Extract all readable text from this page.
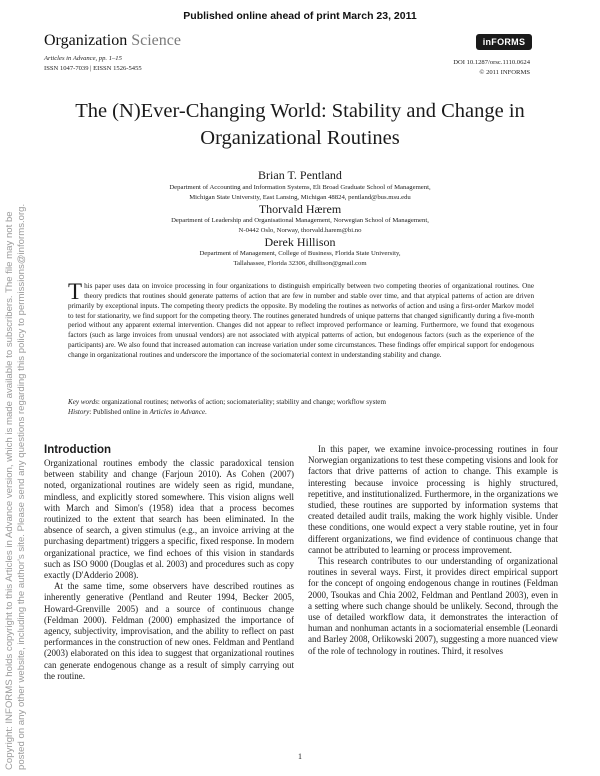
Published online ahead of print March 23, 2011
Copyright: INFORMS holds copyright to this Articles in Advance version, which is made available to subscribers. The file may not be posted on any other website, including the author's site. Please send any questions regarding this policy to permissions@informs.org.
Organization Science
Articles in Advance, pp. 1–15
ISSN 1047-7039 | EISSN 1526-5455
inFORMS
DOI 10.1287/orsc.1110.0624
© 2011 INFORMS
The (N)Ever-Changing World: Stability and Change in
Organizational Routines
Brian T. Pentland
Department of Accounting and Information Systems, Eli Broad Graduate School of Management,
Michigan State University, East Lansing, Michigan 48824, pentland@bus.msu.edu
Thorvald Hærem
Department of Leadership and Organisational Management, Norwegian School of Management,
N-0442 Oslo, Norway, thorvald.harem@bi.no
Derek Hillison
Department of Management, College of Business, Florida State University,
Tallahassee, Florida 32306, dhillison@gmail.com
This paper uses data on invoice processing in four organizations to distinguish empirically between two competing theories of organizational routines. One theory predicts that routines should generate patterns of action that are few in number and stable over time, and that atypical patterns of action are driven primarily by exceptional inputs. The competing theory predicts the opposite. By modeling the routines as networks of action and using a first-order Markov model to test for stationarity, we find support for the competing theory. The routines generated hundreds of unique patterns that changed significantly during a five-month period without any apparent external intervention. Changes did not appear to reflect improved performance or learning. Furthermore, we found that exogenous factors (such as large invoices from unusual vendors) are not associated with atypical patterns of action, but endogenous factors (such as the experience of the participants) are. We also found that increased automation can increase variation under some circumstances. These findings offer empirical support for endogenous change in organizational routines and underscore the importance of the sociomaterial context in understanding stability and change.
Key words: organizational routines; networks of action; sociomateriality; stability and change; workflow system
History: Published online in Articles in Advance.
Introduction

Organizational routines embody the classic paradoxical tension between stability and change (Farjoun 2010). As Cohen (2007) noted, organizational routines are widely seen as rigid, mundane, mindless, and explicitly stored somewhere. This vision aligns well with March and Simon's (1958) idea that a process becomes routinized to the extent that search has been eliminated. In the absence of search, a given stimulus (e.g., an invoice arriving at the purchasing department) triggers a specific, fixed response. In modern organizational practice, we find echoes of this vision in standards such as ISO 9000 (Douglas et al. 2003) and procedures such as copy exactly (D'Adderio 2008).

At the same time, some observers have described routines as inherently generative (Pentland and Reuter 1994, Becker 2005, Howard-Grenville 2005) and a source of continuous change (Feldman 2000). Feldman (2000) emphasized the importance of agency, subjectivity, improvisation, and the ability to reflect on past performances in the construction of new ones. Feldman and Pentland (2003) elaborated on this idea to suggest that organizational routines can generate endogenous change as a result of simply carrying out the routine.

In this paper, we examine invoice-processing routines in four Norwegian organizations to test these competing visions and look for factors that drive patterns of action to change. This example is interesting because invoice processing is highly structured, repetitive, and institutionalized. Furthermore, in the organizations we studied, these routines are supported by information systems that created detailed audit trails, making the work highly visible. Under these conditions, one would expect a very stable routine, yet in four different organizations, we find evidence of continuous change that cannot be attributed to learning or process improvement.

This research contributes to our understanding of organizational routines in several ways. First, it provides direct empirical support for the concept of ongoing endogenous change in routines (Feldman 2000, Tsoukas and Chia 2002, Feldman and Pentland 2003), even in a setting where such change should be unlikely. Second, through the use of detailed workflow data, it demonstrates the interaction of human and nonhuman actants in a sociomaterial ensemble (Leonardi and Barley 2008, Orlikowski 2007), suggesting a more nuanced view of the role of technology in routines. Third, it resolves

1
